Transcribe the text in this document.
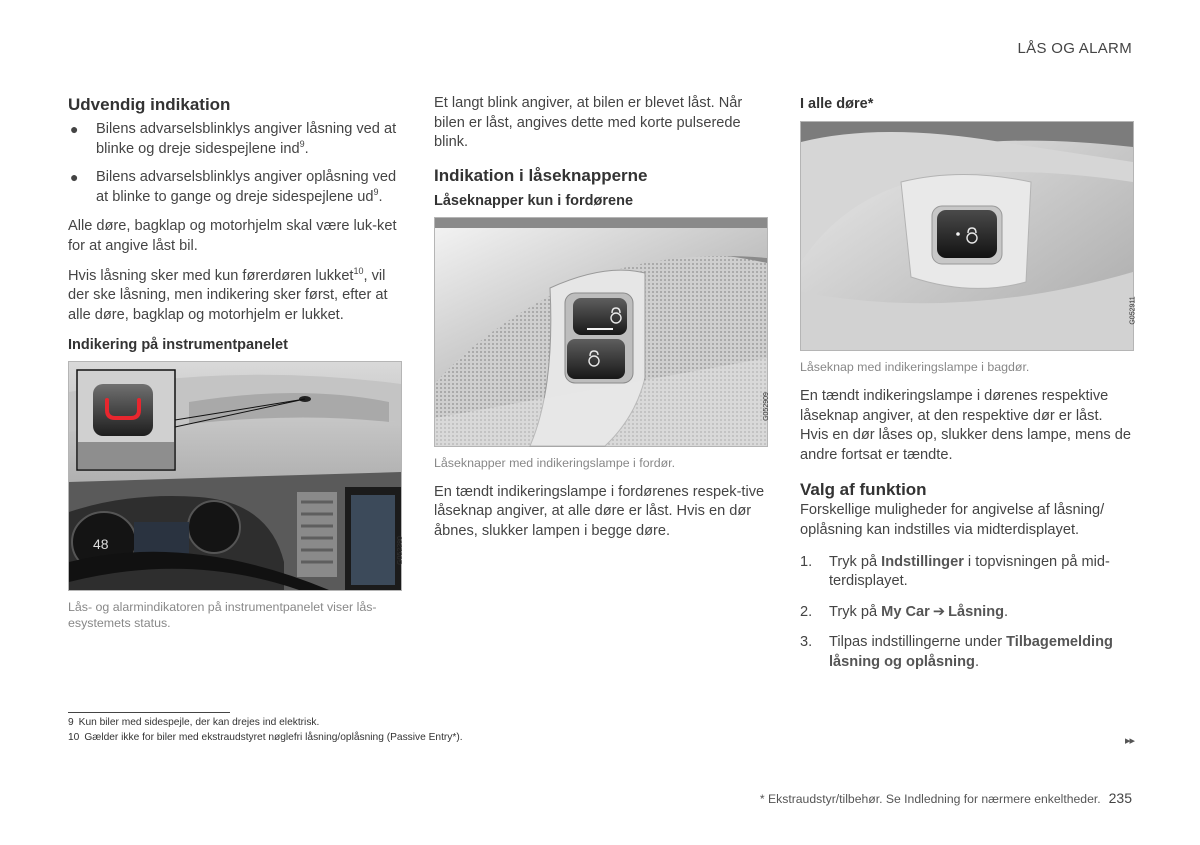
LÅS OG ALARM
Udvendig indikation
● Bilens advarselsblinklys angiver låsning ved at blinke og dreje sidespejlene ind$^9$.
● Bilens advarselsblinklys angiver oplåsning ved at blinke to gange og dreje sidespejlene $ud^9$.

Alle døre, bagklap og motorhjelm skal være luk-ket for at angive låst bil.

Hvis låsning sker med kun førerdøren lukket$^{10}$, vil der ske låsning, men indikering sker først, efter at alle døre, bagklap og motorhjelm er lukket.

Indikering på instrumentpanelet
48	G052280
Lås- og alarmindikatoren på instrumentpanelet viser lås-esystemets status.

Et langt blink angiver, at bilen er blevet låst. Når bilen er låst, angives dette med korte pulserede blink.

Indikation i låseknapperne
Låseknapper kun i fordørene
G052909
Låseknapper med indikeringslampe i fordør.

En tændt indikeringslampe i fordørenes respek-tive låseknap angiver, at alle døre er låst. Hvis en dør åbnes, slukker lampen i begge døre.

I alle døre*
G052911
Låseknap med indikeringslampe i bagdør.

En tændt indikeringslampe i dørenes respektive låseknap angiver, at den respektive dør er låst. Hvis en dør låses op, slukker dens lampe, mens de andre fortsat er tændte.

Valg af funktion

Forskellige muligheder for angivelse af låsning/ oplåsning kan indstilles via midterdisplayet.

1. Tryk på Indstillinger i topvisningen på mid-terdisplayet.
2. Tryk på My Car ➔ Låsning.
3. Tilpas indstillingerne under Tilbagemelding låsning og oplåsning.
9 Kun biler med sidespejle, der kan drejes ind elektrisk.
10 Gælder ikke for biler med ekstraudstyret nøglefri låsning/oplåsning (Passive Entry*).	▸▸
* Ekstraudstyr/tilbehør. Se Indledning for nærmere enkeltheder. 235
